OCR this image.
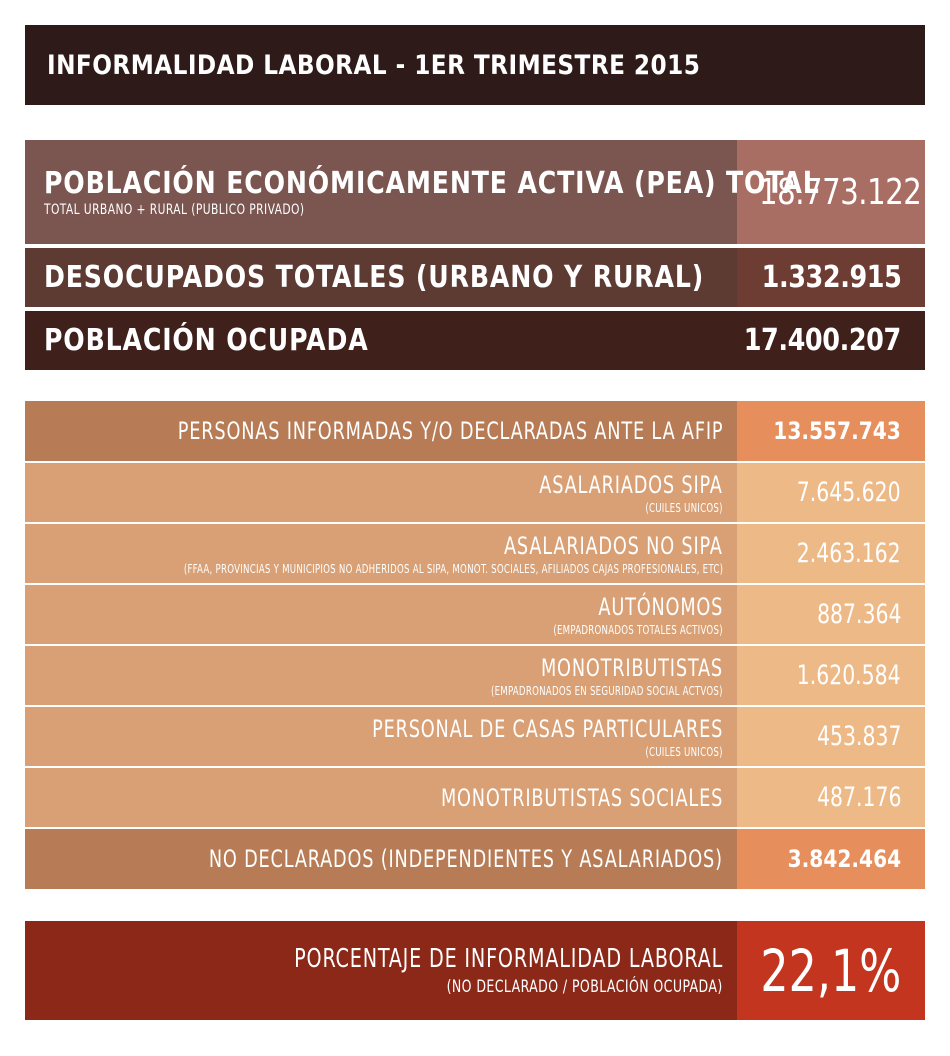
INFORMALIDAD LABORAL - 1ER TRIMESTRE 2015
POBLACIÓN ECONÓMICAMENTE ACTIVA (PEA) TOTAL
TOTAL URBANO + RURAL (PUBLICO PRIVADO)	18.773.122
DESOCUPADOS TOTALES (URBANO Y RURAL) 1.332.915
POBLACIÓN OCUPADA	17.400.207
PERSONAS INFORMADAS Y/O DECLARADAS ANTE LA AFIP 13.557.743
ASALARIADOS SIPA
(CUILES UNICOS)	7.645.620
ASALARIADOS NO SIPA
(FFAA, PROVINCIAS Y MUNICIPIOS NO ADHERIDOS AL SIPA, MONOT. SOCIALES, AFILIADOS CAJAS PROFESIONALES, ETC)	2.463.162
AUTÓNOMOS
(EMPADRONADOS TOTALES ACTIVOS)	887.364
MONOTRIBUTISTAS
(EMPADRONADOS EN SEGURIDAD SOCIAL ACTVOS)	1.620.584
PERSONAL DE CASAS PARTICULARES
(CUILES UNICOS)	453.837
MONOTRIBUTISTAS SOCIALES	487.176
NO DECLARADOS (INDEPENDIENTES Y ASALARIADOS)	3.842.464
PORCENTAJE DE INFORMALIDAD LABORAL
(NO DECLARADO / POBLACIÓN OCUPADA) 22,1%
